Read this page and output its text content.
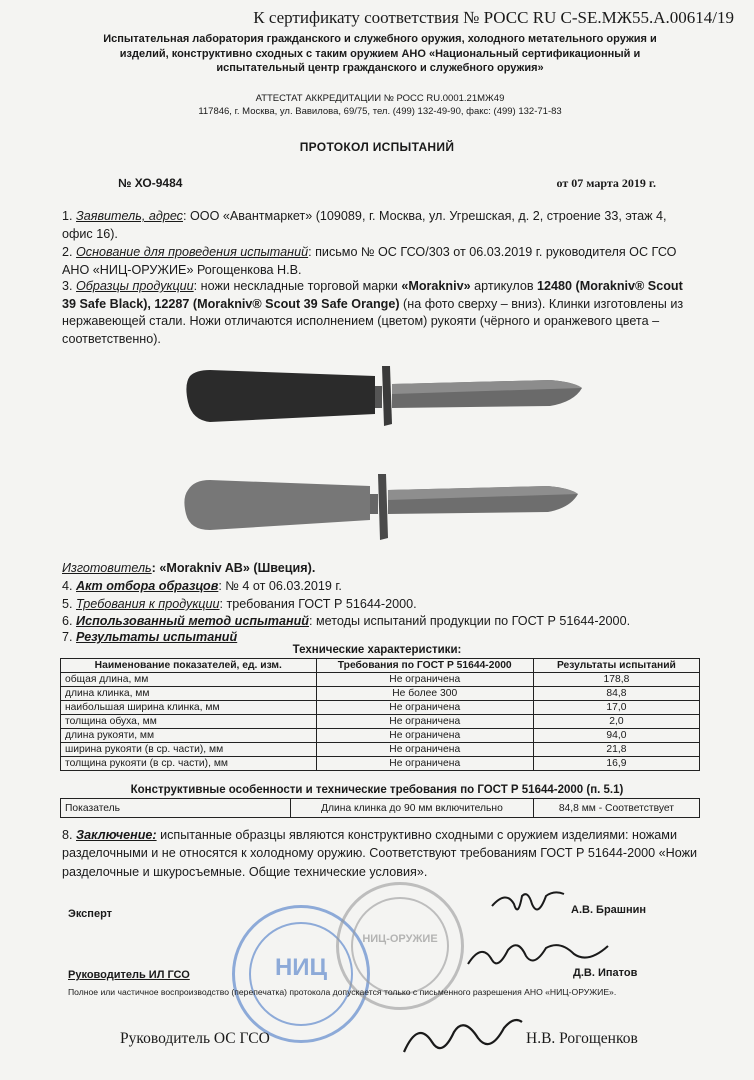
К сертификату соответствия № РОСС RU C-SE.МЖ55.А.00614/19
Испытательная лаборатория гражданского и служебного оружия, холодного метательного оружия и
изделий, конструктивно сходных с таким оружием АНО «Национальный сертификационный и
испытательный центр гражданского и служебного оружия»
АТТЕСТАТ АККРЕДИТАЦИИ № РОСС RU.0001.21МЖ49
117846, г. Москва, ул. Вавилова, 69/75, тел. (499) 132-49-90, факс: (499) 132-71-83
ПРОТОКОЛ ИСПЫТАНИЙ
№ ХО-9484	от 07 марта 2019 г.
1. Заявитель, адрес: ООО «Авантмаркет» (109089, г. Москва, ул. Угрешская, д. 2, строение 33, этаж 4, офис 16).
2. Основание для проведения испытаний: письмо № ОС ГСО/303 от 06.03.2019 г. руководителя ОС ГСО АНО «НИЦ-ОРУЖИЕ» Рогощенкова Н.В.
3. Образцы продукции: ножи нескладные торговой марки «Morakniv» артикулов 12480 (Morakniv® Scout 39 Safe Black), 12287 (Morakniv® Scout 39 Safe Orange) (на фото сверху – вниз). Клинки изготовлены из нержавеющей стали. Ножи отличаются исполнением (цветом) рукояти (чёрного и оранжевого цвета – соответственно).
Изготовитель: «Morakniv AB» (Швеция).
4. Акт отбора образцов: № 4 от 06.03.2019 г.
5. Требования к продукции: требования ГОСТ Р 51644-2000.
6. Использованный метод испытаний: методы испытаний продукции по ГОСТ Р 51644-2000.
7. Результаты испытаний
Технические характеристики:
Наименование показателей, ед. изм.	Требования по ГОСТ Р 51644-2000	Результаты испытаний
общая длина, мм	Не ограничена	178,8
длина клинка, мм	Не более 300	84,8
наибольшая ширина клинка, мм	Не ограничена	17,0
толщина обуха, мм	Не ограничена	2,0
длина рукояти, мм	Не ограничена	94,0
ширина рукояти (в ср. части), мм	Не ограничена	21,8
толщина рукояти (в ср. части), мм	Не ограничена	16,9
Конструктивные особенности и технические требования по ГОСТ Р 51644-2000 (п. 5.1)
Показатель	Длина клинка до 90 мм включительно	84,8 мм - Соответствует
8. Заключение: испытанные образцы являются конструктивно сходными с оружием изделиями: ножами разделочными и не относятся к холодному оружию. Соответствуют требованиям ГОСТ Р 51644-2000 «Ножи разделочные и шкуросъемные. Общие технические условия».
НИЦ
НИЦ-ОРУЖИЕ
Эксперт	А.В. Брашнин
Руководитель ИЛ ГСО	Д.В. Ипатов
Полное или частичное воспроизводство (перепечатка) протокола допускается только с письменного разрешения АНО «НИЦ-ОРУЖИЕ».
Руководитель ОС ГСО	Н.В. Рогощенков
